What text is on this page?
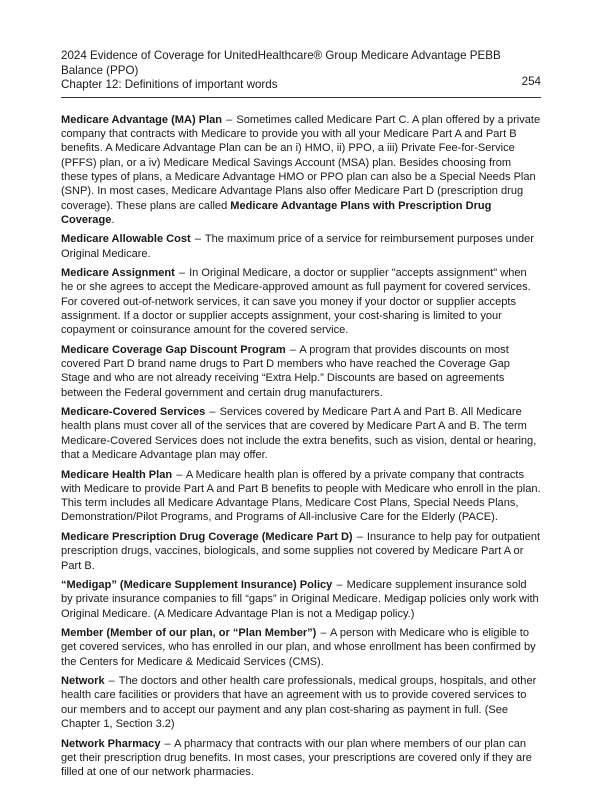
2024 Evidence of Coverage for UnitedHealthcare® Group Medicare Advantage PEBB Balance (PPO)
Chapter 12: Definitions of important words	254

Medicare Advantage (MA) Plan – Sometimes called Medicare Part C. A plan offered by a private company that contracts with Medicare to provide you with all your Medicare Part A and Part B benefits. A Medicare Advantage Plan can be an i) HMO, ii) PPO, a iii) Private Fee-for-Service (PFFS) plan, or a iv) Medicare Medical Savings Account (MSA) plan. Besides choosing from these types of plans, a Medicare Advantage HMO or PPO plan can also be a Special Needs Plan (SNP). In most cases, Medicare Advantage Plans also offer Medicare Part D (prescription drug coverage). These plans are called Medicare Advantage Plans with Prescription Drug Coverage.

Medicare Allowable Cost – The maximum price of a service for reimbursement purposes under Original Medicare.

Medicare Assignment – In Original Medicare, a doctor or supplier "accepts assignment" when he or she agrees to accept the Medicare-approved amount as full payment for covered services. For covered out-of-network services, it can save you money if your doctor or supplier accepts assignment. If a doctor or supplier accepts assignment, your cost-sharing is limited to your copayment or coinsurance amount for the covered service.

Medicare Coverage Gap Discount Program – A program that provides discounts on most covered Part D brand name drugs to Part D members who have reached the Coverage Gap Stage and who are not already receiving “Extra Help.” Discounts are based on agreements between the Federal government and certain drug manufacturers.

Medicare-Covered Services – Services covered by Medicare Part A and Part B. All Medicare health plans must cover all of the services that are covered by Medicare Part A and B. The term Medicare-Covered Services does not include the extra benefits, such as vision, dental or hearing, that a Medicare Advantage plan may offer.

Medicare Health Plan – A Medicare health plan is offered by a private company that contracts with Medicare to provide Part A and Part B benefits to people with Medicare who enroll in the plan. This term includes all Medicare Advantage Plans, Medicare Cost Plans, Special Needs Plans, Demonstration/Pilot Programs, and Programs of All-inclusive Care for the Elderly (PACE).

Medicare Prescription Drug Coverage (Medicare Part D) – Insurance to help pay for outpatient prescription drugs, vaccines, biologicals, and some supplies not covered by Medicare Part A or Part B.

“Medigap” (Medicare Supplement Insurance) Policy – Medicare supplement insurance sold by private insurance companies to fill “gaps” in Original Medicare. Medigap policies only work with Original Medicare. (A Medicare Advantage Plan is not a Medigap policy.)

Member (Member of our plan, or “Plan Member”) – A person with Medicare who is eligible to get covered services, who has enrolled in our plan, and whose enrollment has been confirmed by the Centers for Medicare & Medicaid Services (CMS).

Network – The doctors and other health care professionals, medical groups, hospitals, and other health care facilities or providers that have an agreement with us to provide covered services to our members and to accept our payment and any plan cost-sharing as payment in full. (See Chapter 1, Section 3.2)

Network Pharmacy – A pharmacy that contracts with our plan where members of our plan can get their prescription drug benefits. In most cases, your prescriptions are covered only if they are filled at one of our network pharmacies.
